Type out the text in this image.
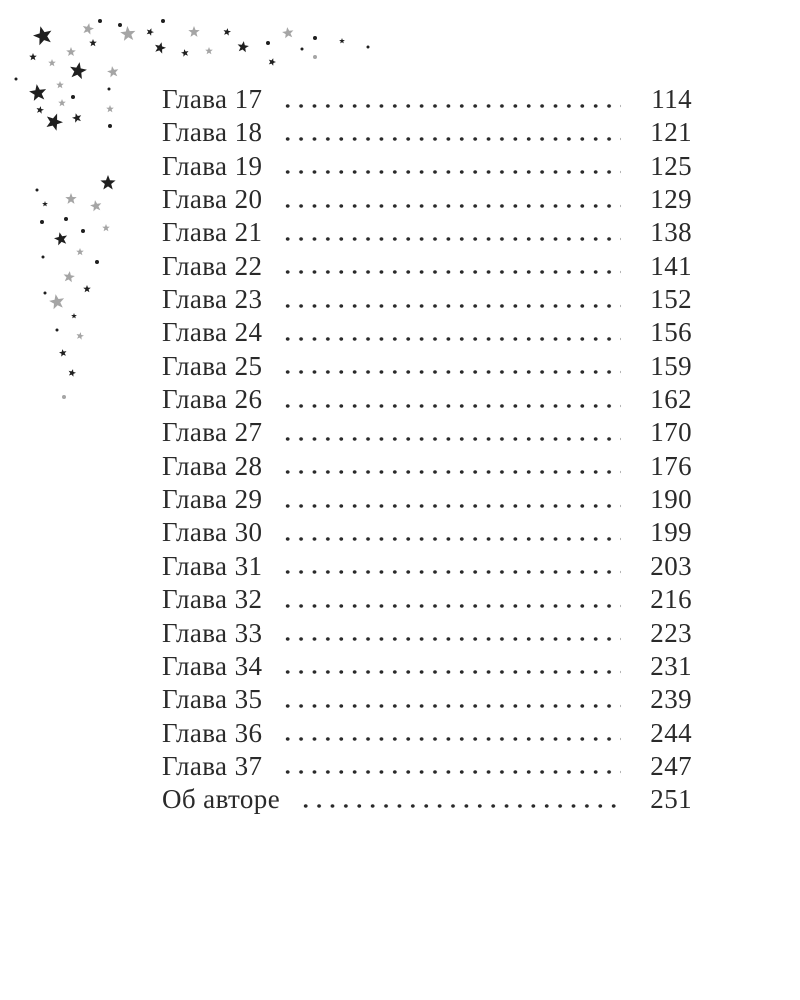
Глава 17	114
Глава 18	121
Глава 19	125
Глава 20	129
Глава 21	138
Глава 22	141
Глава 23	152
Глава 24	156
Глава 25	159
Глава 26	162
Глава 27	170
Глава 28	176
Глава 29	190
Глава 30	199
Глава 31	203
Глава 32	216
Глава 33	223
Глава 34	231
Глава 35	239
Глава 36	244
Глава 37	247
Об авторе	251
